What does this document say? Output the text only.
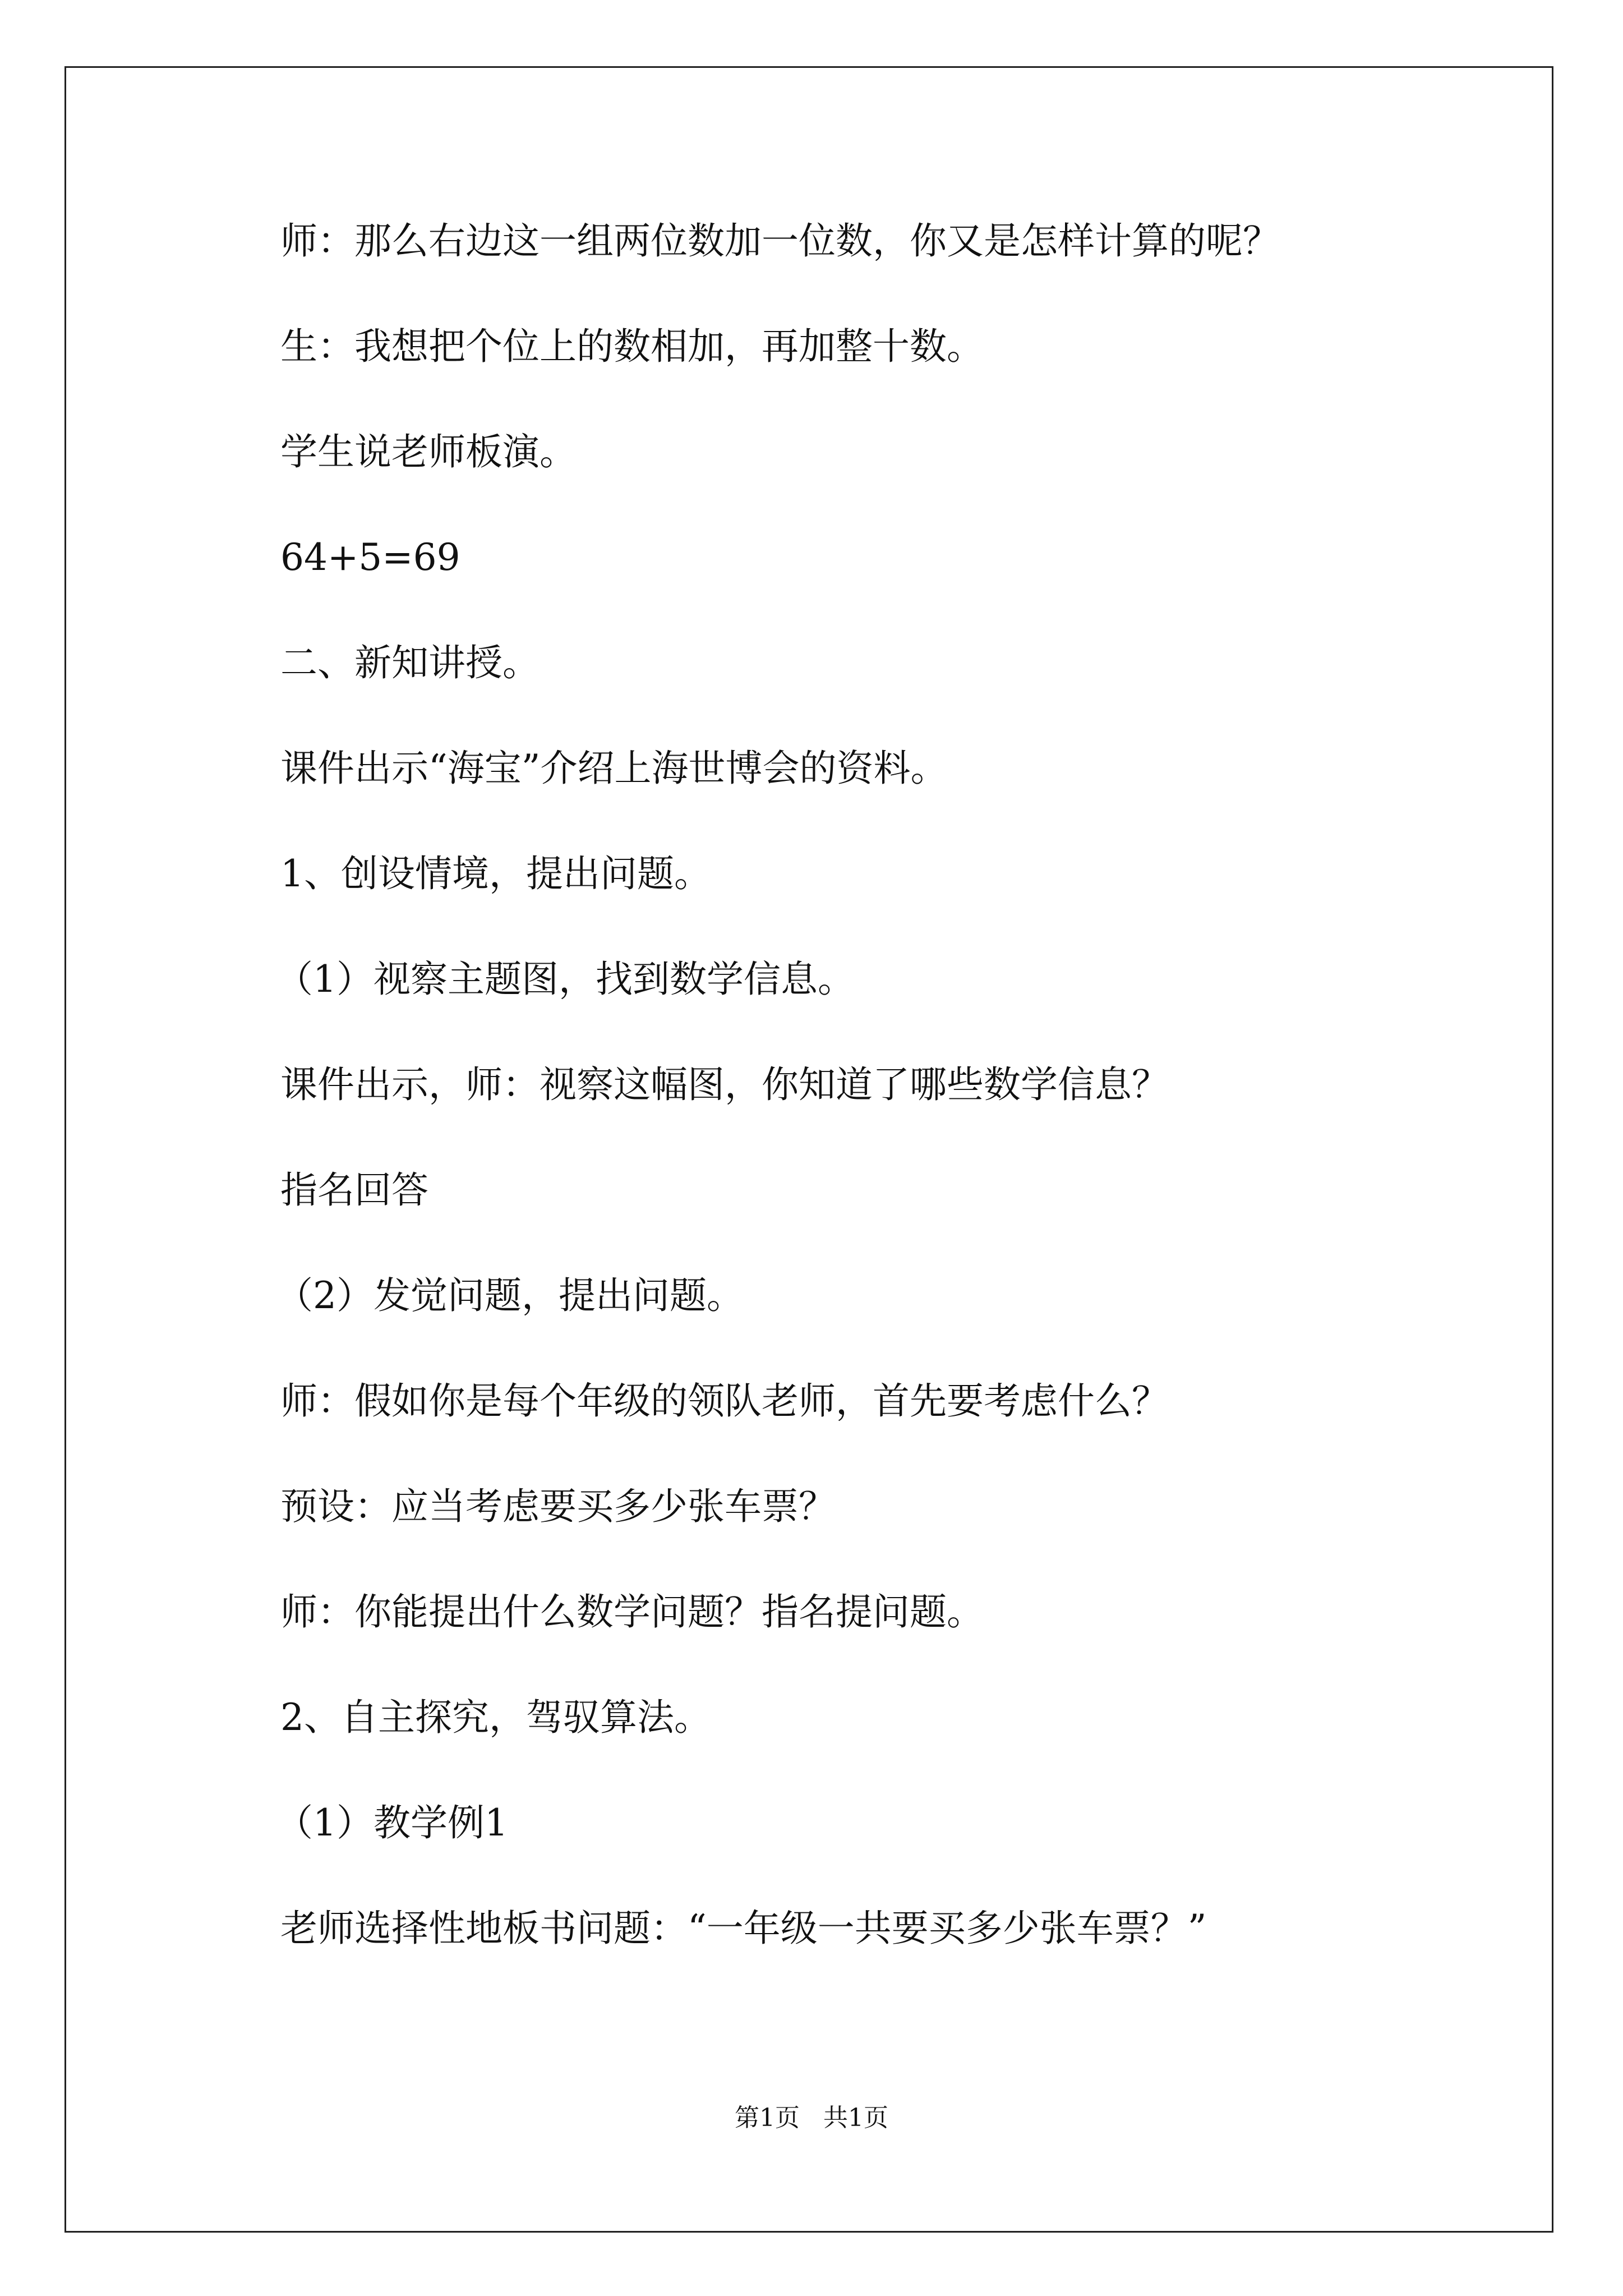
师：那么右边这一组两位数加一位数，你又是怎样计算的呢？
生：我想把个位上的数相加，再加整十数。
学生说老师板演。
64+5=69
二、新知讲授。
课件出示“海宝”介绍上海世博会的资料。
1、创设情境，提出问题。
（1）视察主题图，找到数学信息。
课件出示，师：视察这幅图，你知道了哪些数学信息？
指名回答
（2）发觉问题，提出问题。
师：假如你是每个年级的领队老师，首先要考虑什么？
预设：应当考虑要买多少张车票？
师：你能提出什么数学问题？指名提问题。
2、自主探究，驾驭算法。
（1）教学例1
老师选择性地板书问题：“一年级一共要买多少张车票？”
第1页   共1页
